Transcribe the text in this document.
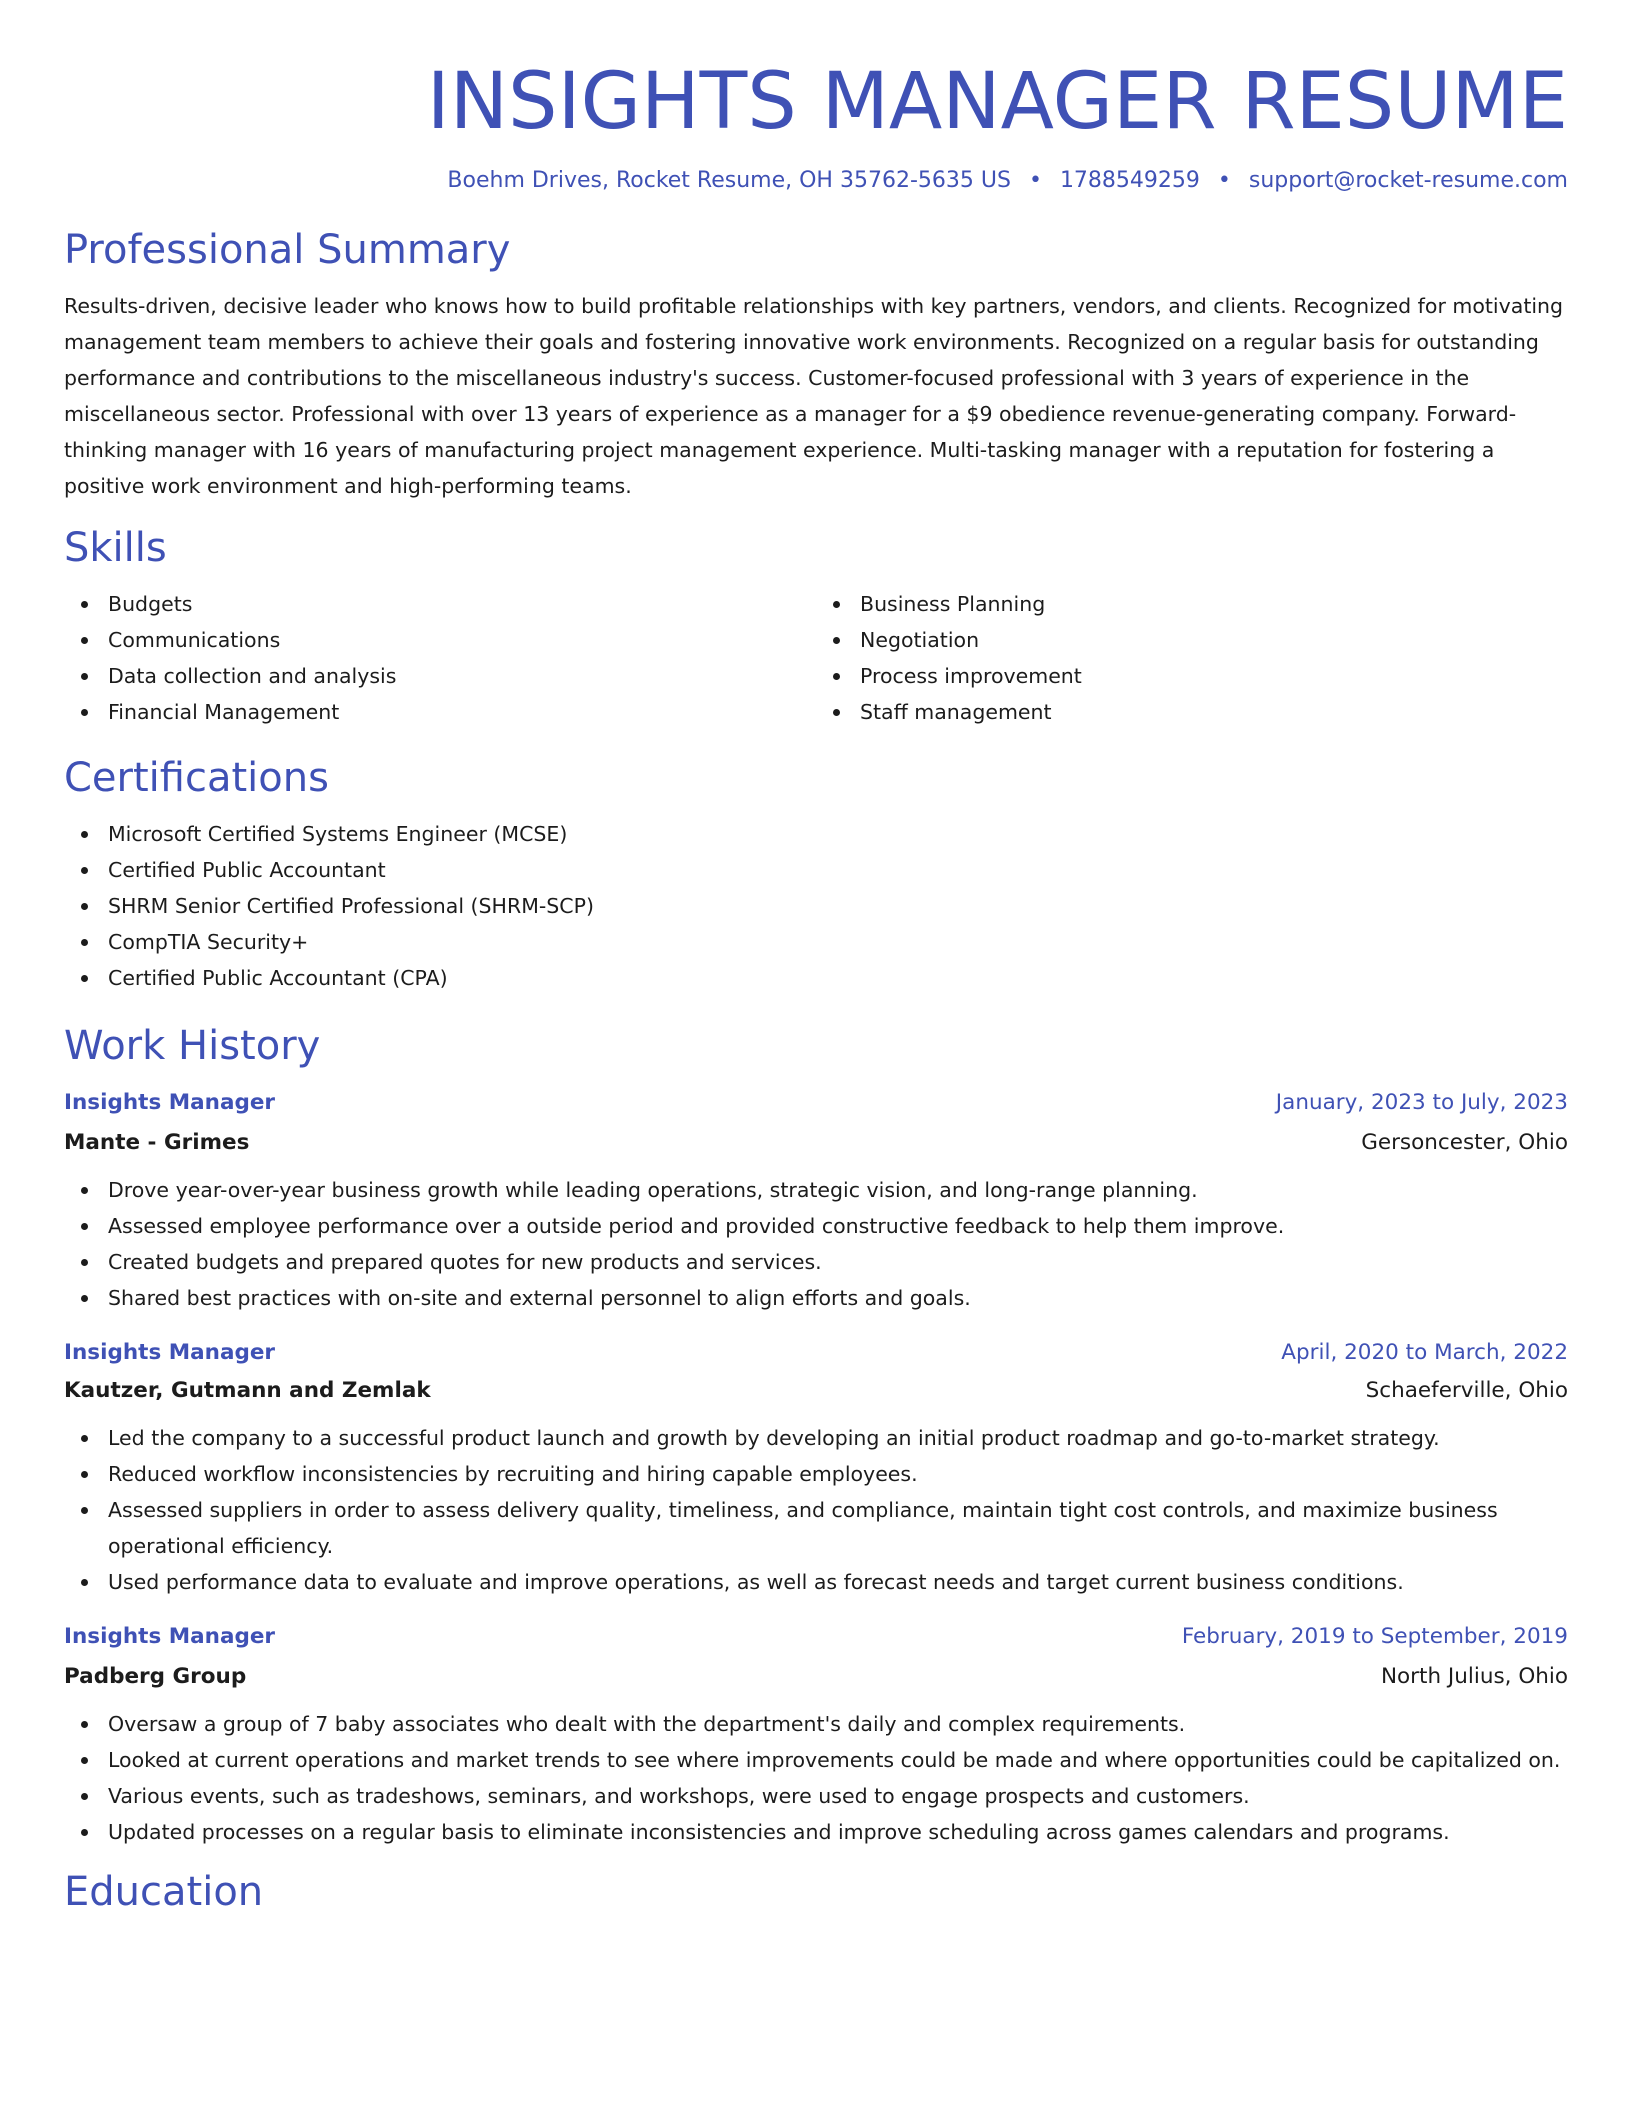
INSIGHTS MANAGER RESUME
Boehm Drives, Rocket Resume, OH 35762-5635 US • 1788549259 • support@rocket-resume.com
Professional Summary

Results-driven, decisive leader who knows how to build profitable relationships with key partners, vendors, and clients. Recognized for motivating management team members to achieve their goals and fostering innovative work environments. Recognized on a regular basis for outstanding performance and contributions to the miscellaneous industry's success. Customer-focused professional with 3 years of experience in the miscellaneous sector. Professional with over 13 years of experience as a manager for a $9 obedience revenue-generating company. Forward-thinking manager with 16 years of manufacturing project management experience. Multi-tasking manager with a reputation for fostering a positive work environment and high-performing teams.

Skills
Budgets
Communications
Data collection and analysis
Financial Management
Business Planning
Negotiation
Process improvement
Staff management
Certifications
Microsoft Certified Systems Engineer (MCSE)
Certified Public Accountant
SHRM Senior Certified Professional (SHRM-SCP)
CompTIA Security+
Certified Public Accountant (CPA)
Work History
Insights Manager	January, 2023 to July, 2023
Mante - Grimes	Gersoncester, Ohio
Drove year-over-year business growth while leading operations, strategic vision, and long-range planning.
Assessed employee performance over a outside period and provided constructive feedback to help them improve.
Created budgets and prepared quotes for new products and services.
Shared best practices with on-site and external personnel to align efforts and goals.
Insights Manager	April, 2020 to March, 2022
Kautzer, Gutmann and Zemlak	Schaeferville, Ohio
Led the company to a successful product launch and growth by developing an initial product roadmap and go-to-market strategy.
Reduced workflow inconsistencies by recruiting and hiring capable employees.
Assessed suppliers in order to assess delivery quality, timeliness, and compliance, maintain tight cost controls, and maximize business operational efficiency.
Used performance data to evaluate and improve operations, as well as forecast needs and target current business conditions.
Insights Manager	February, 2019 to September, 2019
Padberg Group	North Julius, Ohio
Oversaw a group of 7 baby associates who dealt with the department's daily and complex requirements.
Looked at current operations and market trends to see where improvements could be made and where opportunities could be capitalized on.
Various events, such as tradeshows, seminars, and workshops, were used to engage prospects and customers.
Updated processes on a regular basis to eliminate inconsistencies and improve scheduling across games calendars and programs.
Education
